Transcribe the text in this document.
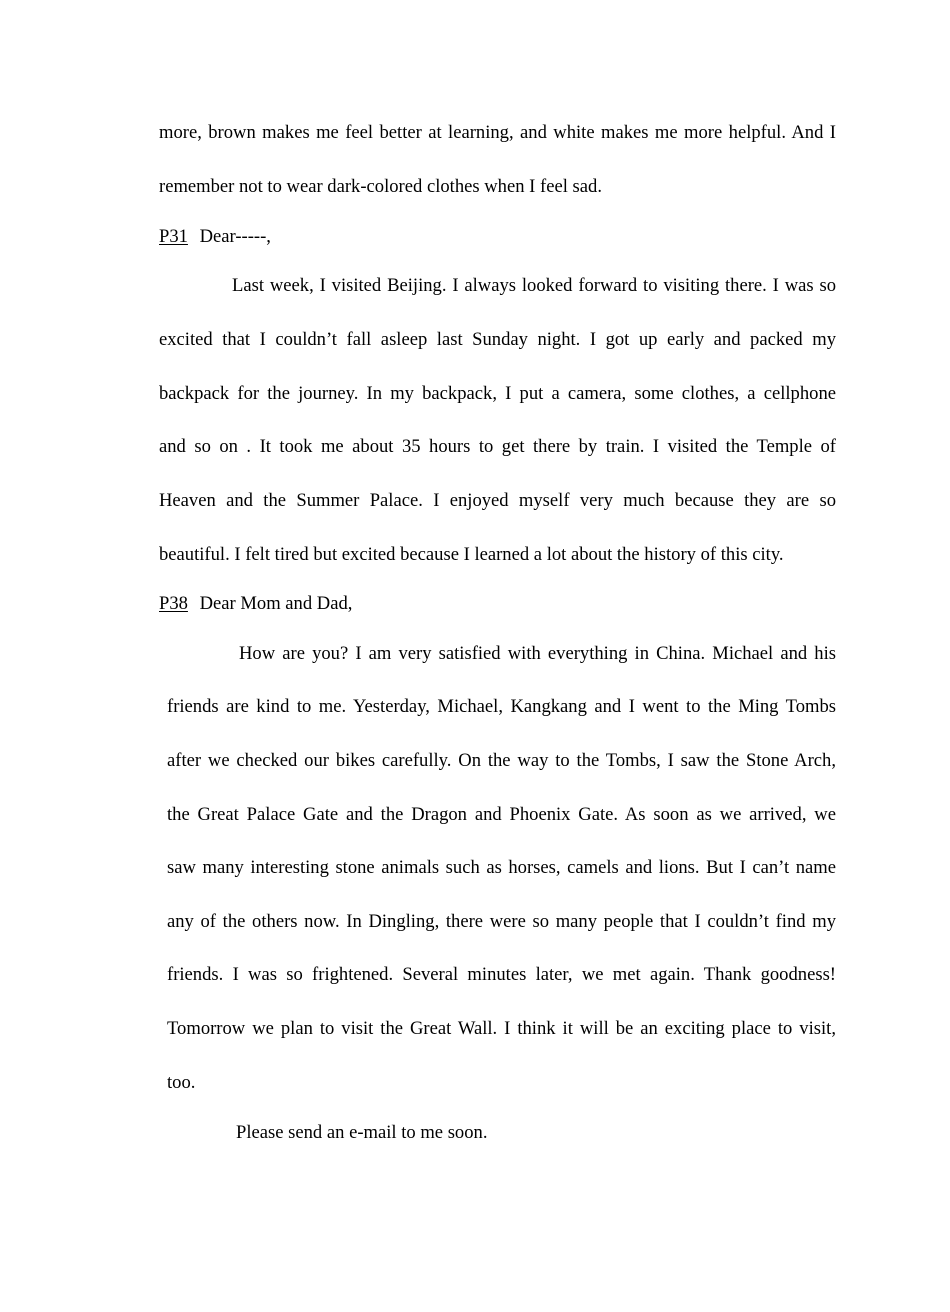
more, brown makes me feel better at learning, and white makes me more helpful. And I
remember not to wear dark-colored clothes when I feel sad.
P31 Dear-----,
Last week, I visited Beijing. I always looked forward to visiting there. I was so
excited that I couldn’t fall asleep last Sunday night. I got up early and packed my
backpack for the journey. In my backpack, I put a camera, some clothes, a cellphone
and so on . It took me about 35 hours to get there by train. I visited the Temple of
Heaven and the Summer Palace. I enjoyed myself very much because they are so
beautiful. I felt tired but excited because I learned a lot about the history of this city.
P38 Dear Mom and Dad,
How are you? I am very satisfied with everything in China. Michael and his
friends are kind to me. Yesterday, Michael, Kangkang and I went to the Ming Tombs
after we checked our bikes carefully. On the way to the Tombs, I saw the Stone Arch,
the Great Palace Gate and the Dragon and Phoenix Gate. As soon as we arrived, we
saw many interesting stone animals such as horses, camels and lions. But I can’t name
any of the others now. In Dingling, there were so many people that I couldn’t find my
friends. I was so frightened. Several minutes later, we met again. Thank goodness!
Tomorrow we plan to visit the Great Wall. I think it will be an exciting place to visit,
too.
Please send an e-mail to me soon.
